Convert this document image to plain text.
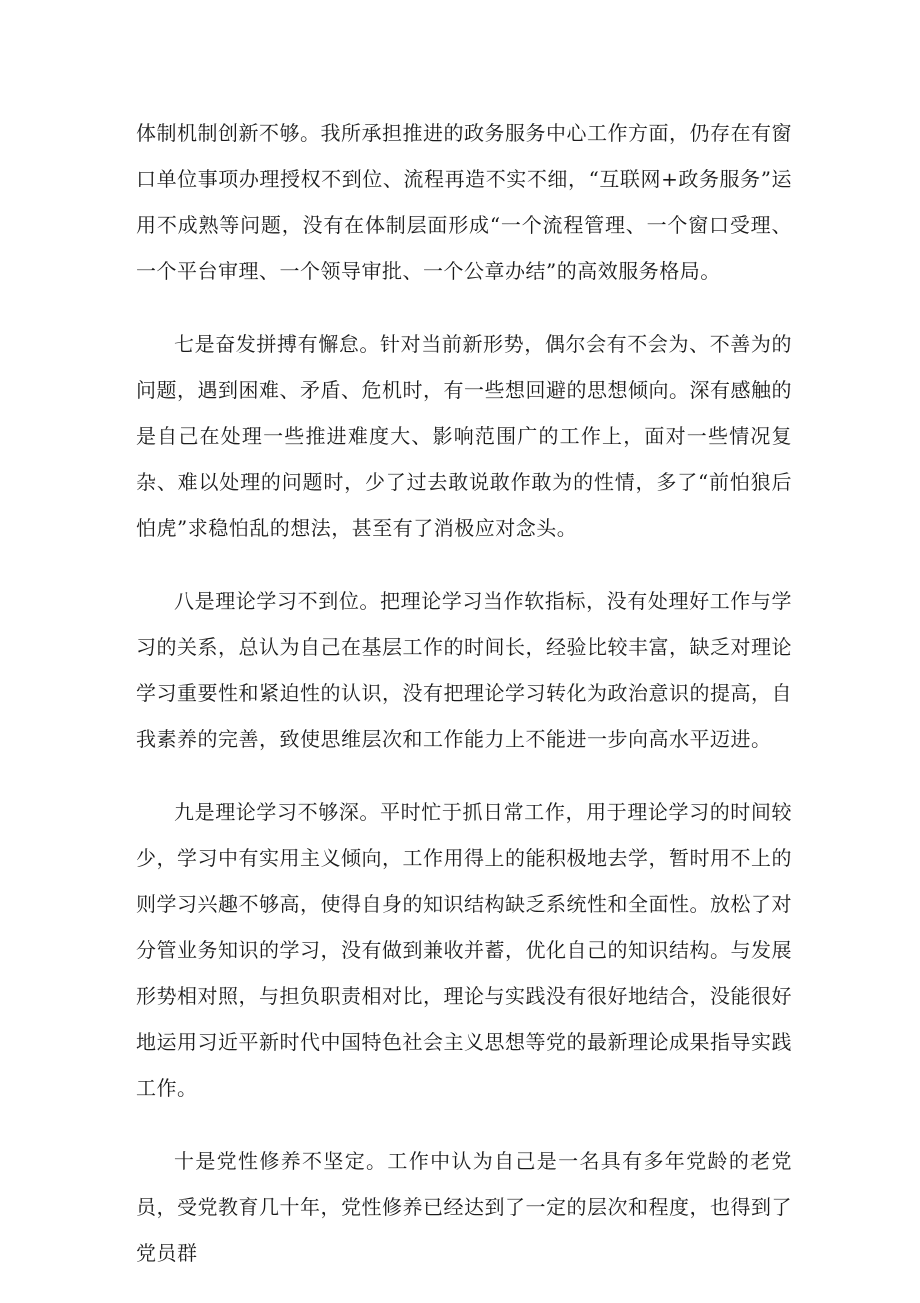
体制机制创新不够。我所承担推进的政务服务中心工作方面，仍存在有窗口单位事项办理授权不到位、流程再造不实不细，“互联网+政务服务”运用不成熟等问题，没有在体制层面形成“一个流程管理、一个窗口受理、一个平台审理、一个领导审批、一个公章办结”的高效服务格局。

七是奋发拼搏有懈怠。针对当前新形势，偶尔会有不会为、不善为的问题，遇到困难、矛盾、危机时，有一些想回避的思想倾向。深有感触的是自己在处理一些推进难度大、影响范围广的工作上，面对一些情况复杂、难以处理的问题时，少了过去敢说敢作敢为的性情，多了“前怕狼后怕虎”求稳怕乱的想法，甚至有了消极应对念头。

八是理论学习不到位。把理论学习当作软指标，没有处理好工作与学习的关系，总认为自己在基层工作的时间长，经验比较丰富，缺乏对理论学习重要性和紧迫性的认识，没有把理论学习转化为政治意识的提高，自我素养的完善，致使思维层次和工作能力上不能进一步向高水平迈进。

九是理论学习不够深。平时忙于抓日常工作，用于理论学习的时间较少，学习中有实用主义倾向，工作用得上的能积极地去学，暂时用不上的则学习兴趣不够高，使得自身的知识结构缺乏系统性和全面性。放松了对分管业务知识的学习，没有做到兼收并蓄，优化自己的知识结构。与发展形势相对照，与担负职责相对比，理论与实践没有很好地结合，没能很好地运用习近平新时代中国特色社会主义思想等党的最新理论成果指导实践工作。

十是党性修养不坚定。工作中认为自己是一名具有多年党龄的老党员，受党教育几十年，党性修养已经达到了一定的层次和程度，也得到了党员群
